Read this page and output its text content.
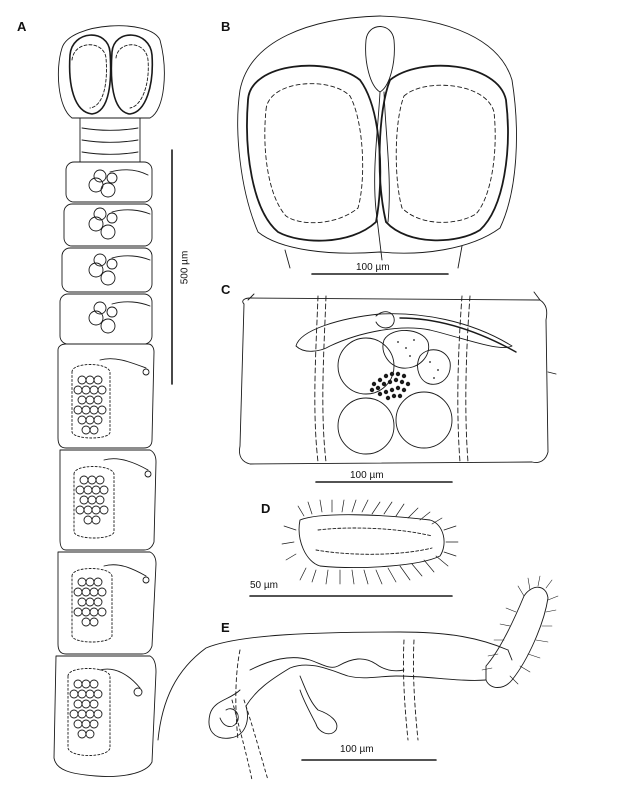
A	B
C
D
E
500 µm	100 µm
100 µm
50 µm
100 µm
